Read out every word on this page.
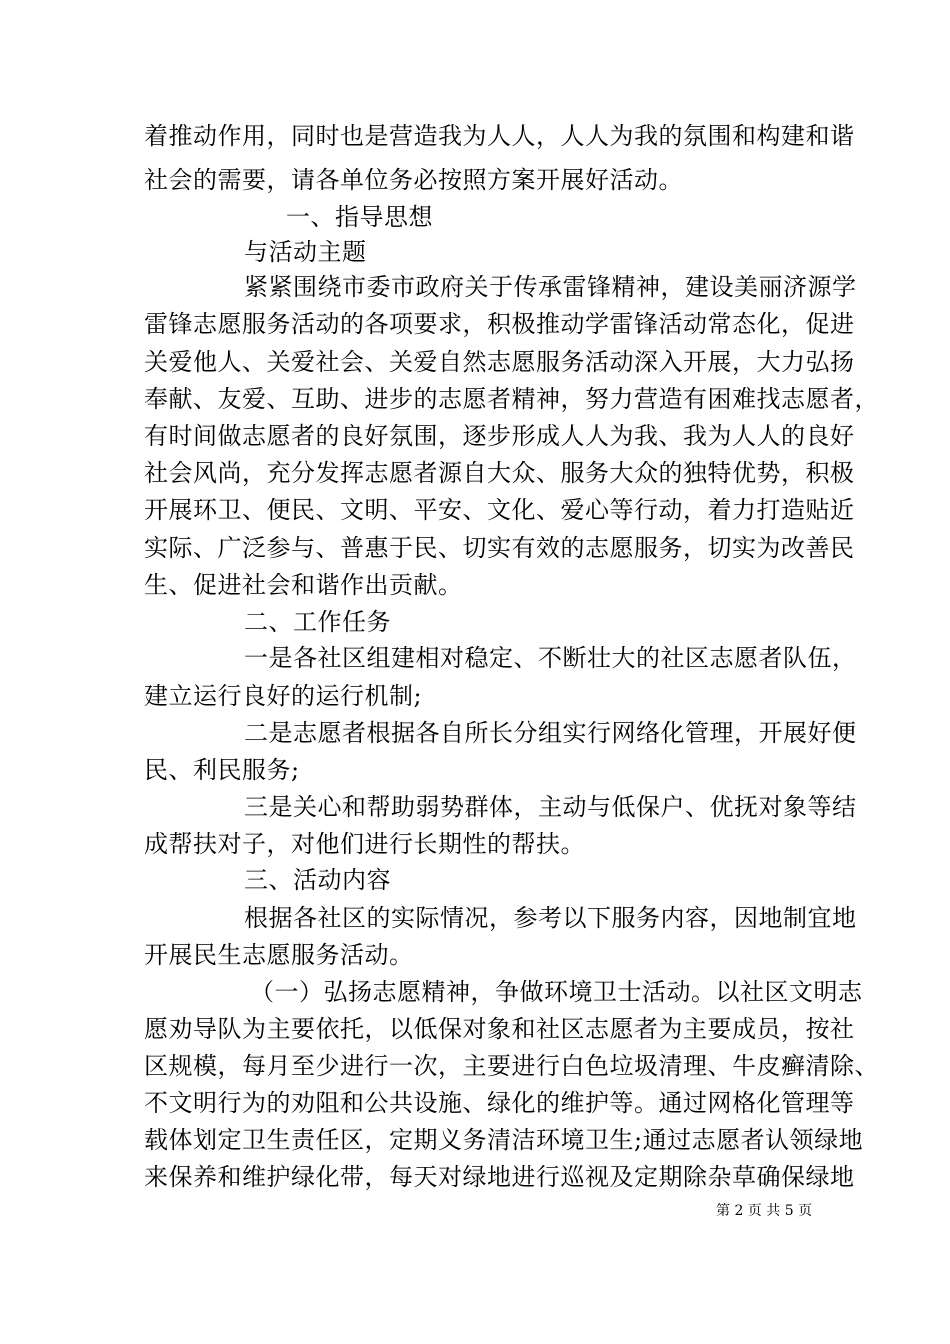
着推动作用，同时也是营造我为人人，人人为我的氛围和构建和谐
社会的需要，请各单位务必按照方案开展好活动。
一、指导思想
与活动主题
紧紧围绕市委市政府关于传承雷锋精神，建设美丽济源学
雷锋志愿服务活动的各项要求，积极推动学雷锋活动常态化，促进
关爱他人、关爱社会、关爱自然志愿服务活动深入开展，大力弘扬
奉献、友爱、互助、进步的志愿者精神，努力营造有困难找志愿者，
有时间做志愿者的良好氛围，逐步形成人人为我、我为人人的良好
社会风尚，充分发挥志愿者源自大众、服务大众的独特优势，积极
开展环卫、便民、文明、平安、文化、爱心等行动，着力打造贴近
实际、广泛参与、普惠于民、切实有效的志愿服务，切实为改善民
生、促进社会和谐作出贡献。
二、工作任务
一是各社区组建相对稳定、不断壮大的社区志愿者队伍，
建立运行良好的运行机制;
二是志愿者根据各自所长分组实行网络化管理，开展好便
民、利民服务;
三是关心和帮助弱势群体，主动与低保户、优抚对象等结
成帮扶对子，对他们进行长期性的帮扶。
三、活动内容
根据各社区的实际情况，参考以下服务内容，因地制宜地
开展民生志愿服务活动。
（一）弘扬志愿精神，争做环境卫士活动。以社区文明志
愿劝导队为主要依托，以低保对象和社区志愿者为主要成员，按社
区规模，每月至少进行一次，主要进行白色垃圾清理、牛皮癣清除、
不文明行为的劝阻和公共设施、绿化的维护等。通过网格化管理等
载体划定卫生责任区，定期义务清洁环境卫生;通过志愿者认领绿地
来保养和维护绿化带，每天对绿地进行巡视及定期除杂草确保绿地
第 2 页 共 5 页
